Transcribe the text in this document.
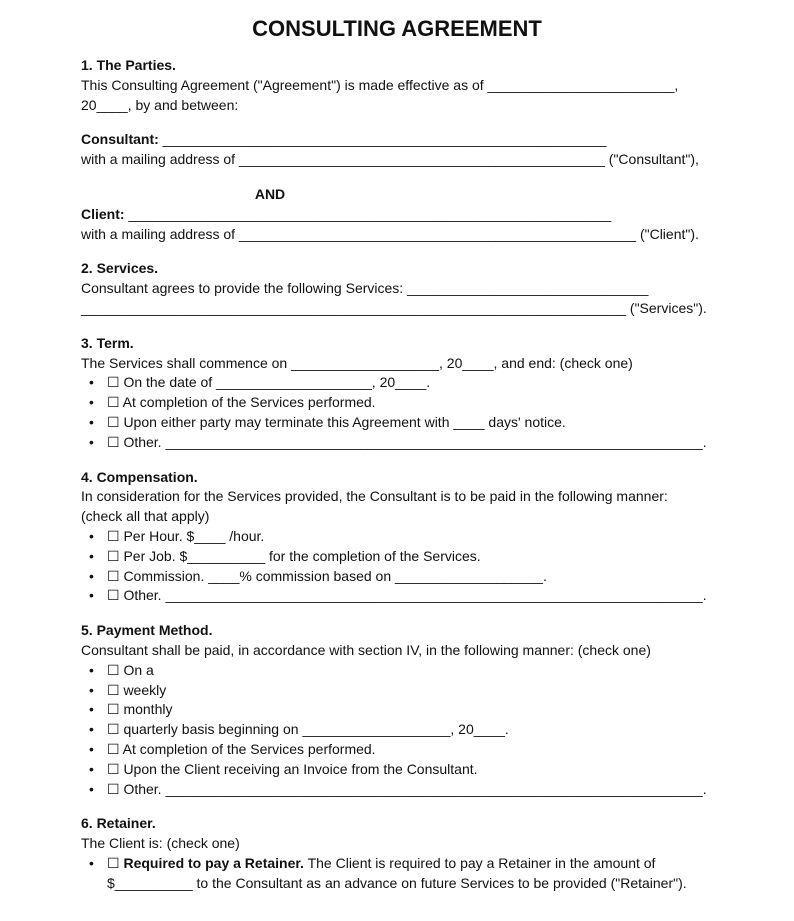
CONSULTING AGREEMENT
1. The Parties.
This Consulting Agreement ("Agreement") is made effective as of ________________________,
20____, by and between:
Consultant: _________________________________________________________
with a mailing address of _______________________________________________ ("Consultant"),
AND
Client: ______________________________________________________________
with a mailing address of ___________________________________________________ ("Client").
2. Services.
Consultant agrees to provide the following Services: _______________________________
______________________________________________________________________ ("Services").
3. Term.
The Services shall commence on ___________________, 20____, and end: (check one)
• ☐ On the date of ____________________, 20____.
• ☐ At completion of the Services performed.
• ☐ Upon either party may terminate this Agreement with ____ days' notice.
• ☐ Other. _____________________________________________________________________.
4. Compensation.
In consideration for the Services provided, the Consultant is to be paid in the following manner:
(check all that apply)
• ☐ Per Hour. $____ /hour.
• ☐ Per Job. $__________ for the completion of the Services.
• ☐ Commission. ____% commission based on ___________________.
• ☐ Other. _____________________________________________________________________.
5. Payment Method.
Consultant shall be paid, in accordance with section IV, in the following manner: (check one)
• ☐ On a
• ☐ weekly
• ☐ monthly
• ☐ quarterly basis beginning on ___________________, 20____.
• ☐ At completion of the Services performed.
• ☐ Upon the Client receiving an Invoice from the Consultant.
• ☐ Other. _____________________________________________________________________.
6. Retainer.
The Client is: (check one)
• ☐ Required to pay a Retainer. The Client is required to pay a Retainer in the amount of $__________ to the Consultant as an advance on future Services to be provided ("Retainer").
